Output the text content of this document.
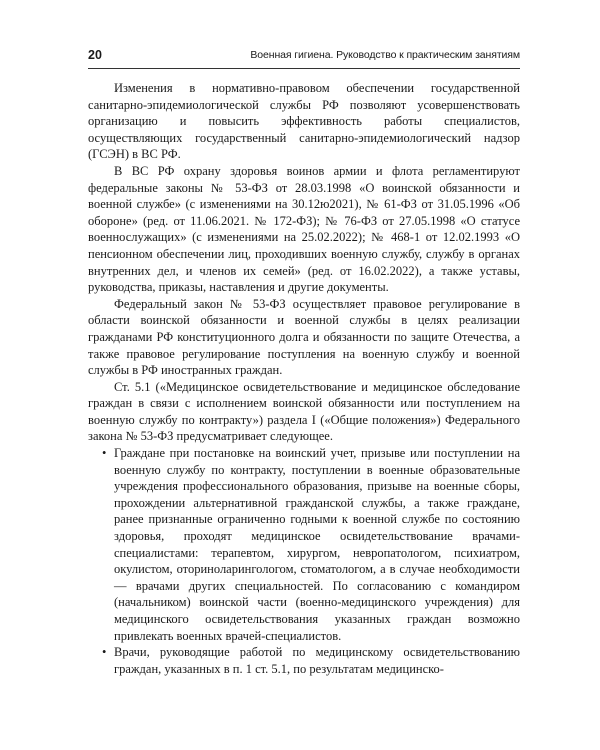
20	Военная гигиена. Руководство к практическим занятиям

Изменения в нормативно-правовом обеспечении государственной санитарно-эпидемиологической службы РФ позволяют усовершенствовать организацию и повысить эффективность работы специалистов, осуществляющих государственный санитарно-эпидемиологический надзор (ГСЭН) в ВС РФ.

В ВС РФ охрану здоровья воинов армии и флота регламентируют федеральные законы № 53-ФЗ от 28.03.1998 «О воинской обязанности и военной службе» (с изменениями на 30.12ю2021), № 61-ФЗ от 31.05.1996 «Об обороне» (ред. от 11.06.2021. № 172-ФЗ); № 76-ФЗ от 27.05.1998 «О статусе военнослужащих» (с изменениями на 25.02.2022); № 468-1 от 12.02.1993 «О пенсионном обеспечении лиц, проходивших военную службу, службу в органах внутренних дел, и членов их семей» (ред. от 16.02.2022), а также уставы, руководства, приказы, наставления и другие документы.

Федеральный закон № 53-ФЗ осуществляет правовое регулирование в области воинской обязанности и военной службы в целях реализации гражданами РФ конституционного долга и обязанности по защите Отечества, а также правовое регулирование поступления на военную службу и военной службы в РФ иностранных граждан.

Ст. 5.1 («Медицинское освидетельствование и медицинское обследование граждан в связи с исполнением воинской обязанности или поступлением на военную службу по контракту») раздела I («Общие положения») Федерального закона № 53-ФЗ предусматривает следующее.

• Граждане при постановке на воинский учет, призыве или поступлении на военную службу по контракту, поступлении в военные образовательные учреждения профессионального образования, призыве на военные сборы, прохождении альтернативной гражданской службы, а также граждане, ранее признанные ограниченно годными к военной службе по состоянию здоровья, проходят медицинское освидетельствование врачами-специалистами: терапевтом, хирургом, невропатологом, психиатром, окулистом, оториноларингологом, стоматологом, а в случае необходимости — врачами других специальностей. По согласованию с командиром (начальником) воинской части (военно-медицинского учреждения) для медицинского освидетельствования указанных граждан возможно привлекать военных врачей-специалистов.
• Врачи, руководящие работой по медицинскому освидетельствованию граждан, указанных в п. 1 ст. 5.1, по результатам медицинско-
